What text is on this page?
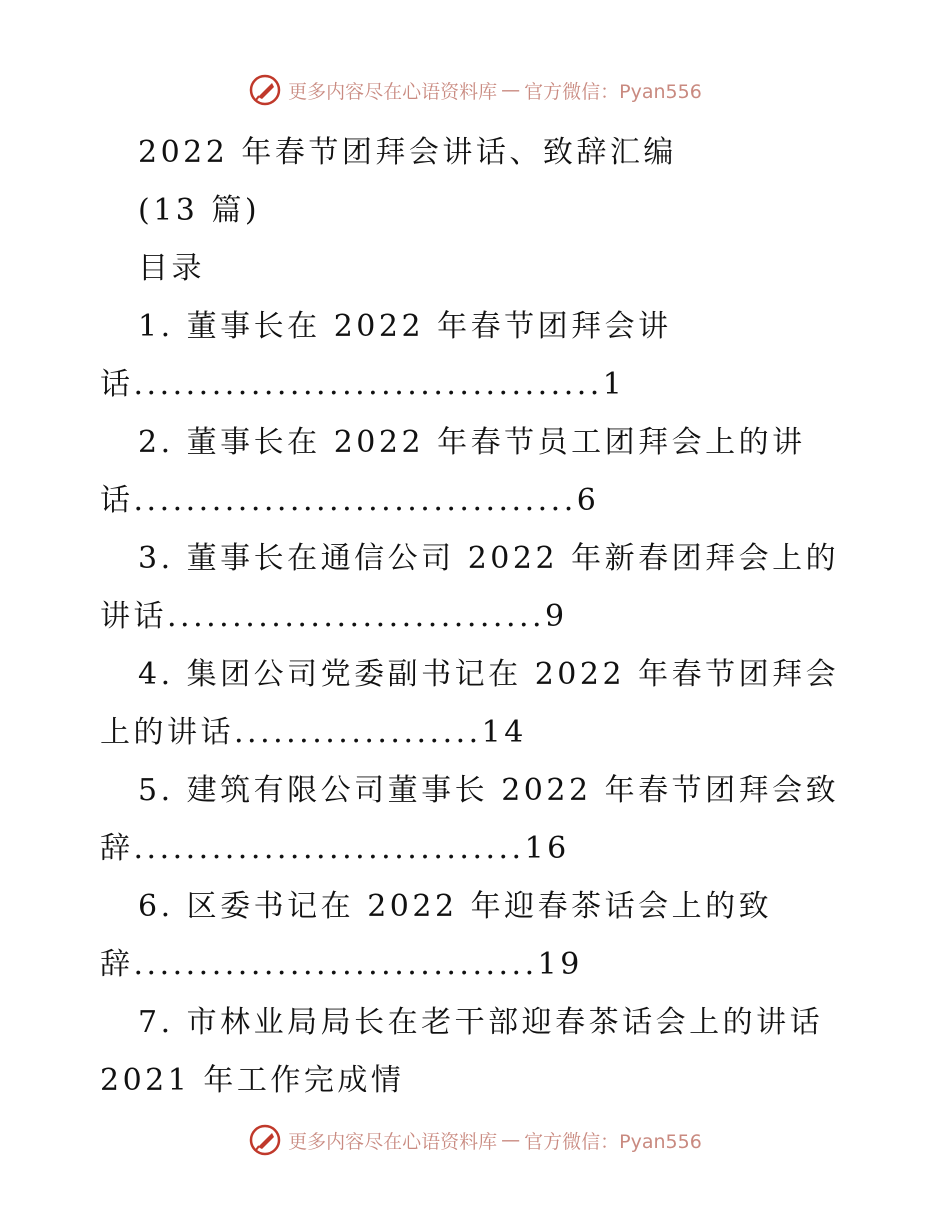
更多内容尽在心语资料库 — 官方微信：Pyan556
2022 年春节团拜会讲话、致辞汇编
(13 篇)
目录
1. 董事长在 2022 年春节团拜会讲
话....................................1
2. 董事长在 2022 年春节员工团拜会上的讲
话..................................6
3. 董事长在通信公司 2022 年新春团拜会上的
讲话.............................9
4. 集团公司党委副书记在 2022 年春节团拜会
上的讲话...................14
5. 建筑有限公司董事长 2022 年春节团拜会致
辞..............................16
6. 区委书记在 2022 年迎春茶话会上的致
辞...............................19
7. 市林业局局长在老干部迎春茶话会上的讲话
2021 年工作完成情
更多内容尽在心语资料库 — 官方微信：Pyan556
